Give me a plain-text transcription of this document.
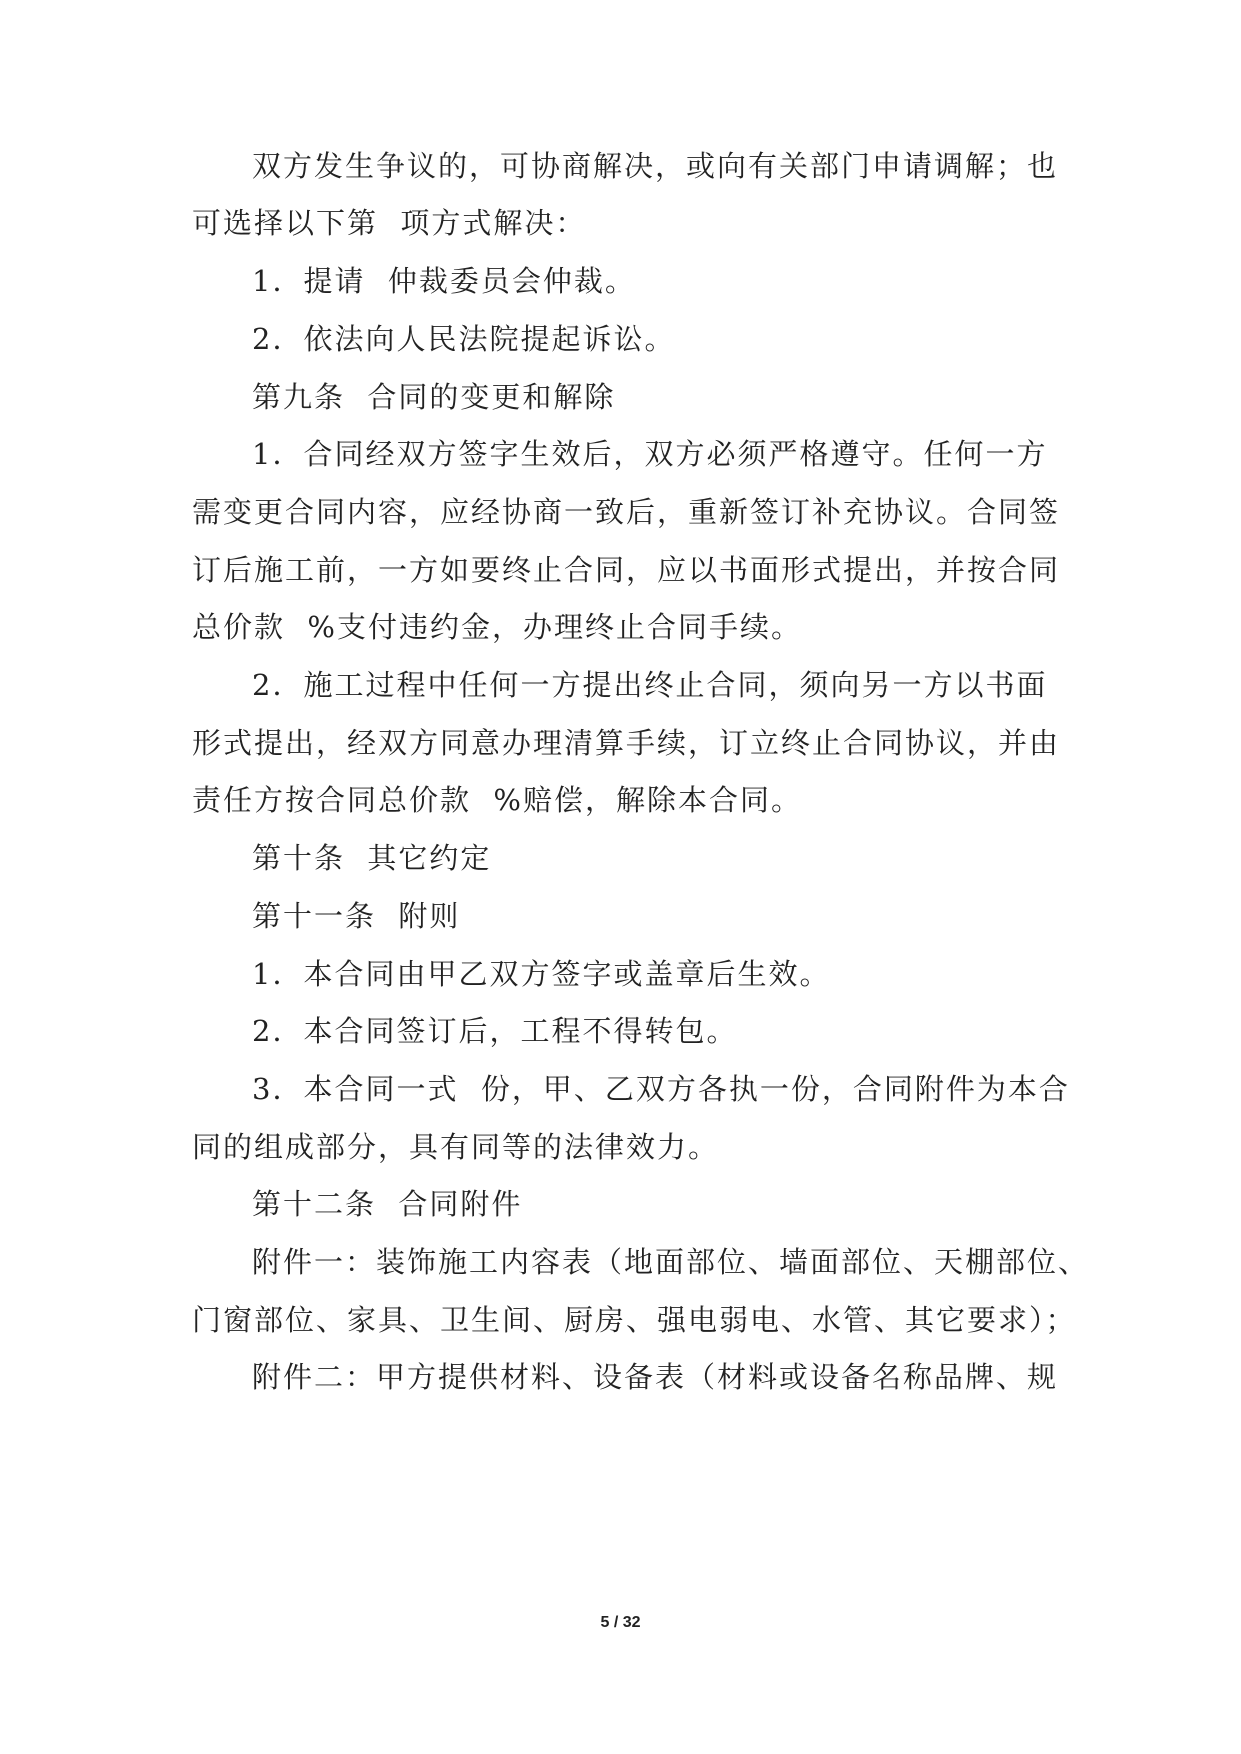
双方发生争议的，可协商解决，或向有关部门申请调解；也
可选择以下第  项方式解决：
1．提请  仲裁委员会仲裁。
2．依法向人民法院提起诉讼。
第九条  合同的变更和解除
1．合同经双方签字生效后，双方必须严格遵守。任何一方
需变更合同内容，应经协商一致后，重新签订补充协议。合同签
订后施工前，一方如要终止合同，应以书面形式提出，并按合同
总价款  %支付违约金，办理终止合同手续。
2．施工过程中任何一方提出终止合同，须向另一方以书面
形式提出，经双方同意办理清算手续，订立终止合同协议，并由
责任方按合同总价款  %赔偿，解除本合同。
第十条  其它约定
第十一条  附则
1．本合同由甲乙双方签字或盖章后生效。
2．本合同签订后，工程不得转包。
3．本合同一式  份，甲、乙双方各执一份，合同附件为本合
同的组成部分，具有同等的法律效力。
第十二条  合同附件
附件一：装饰施工内容表（地面部位、墙面部位、天棚部位、
门窗部位、家具、卫生间、厨房、强电弱电、水管、其它要求）；
附件二：甲方提供材料、设备表（材料或设备名称品牌、规
5 / 32
